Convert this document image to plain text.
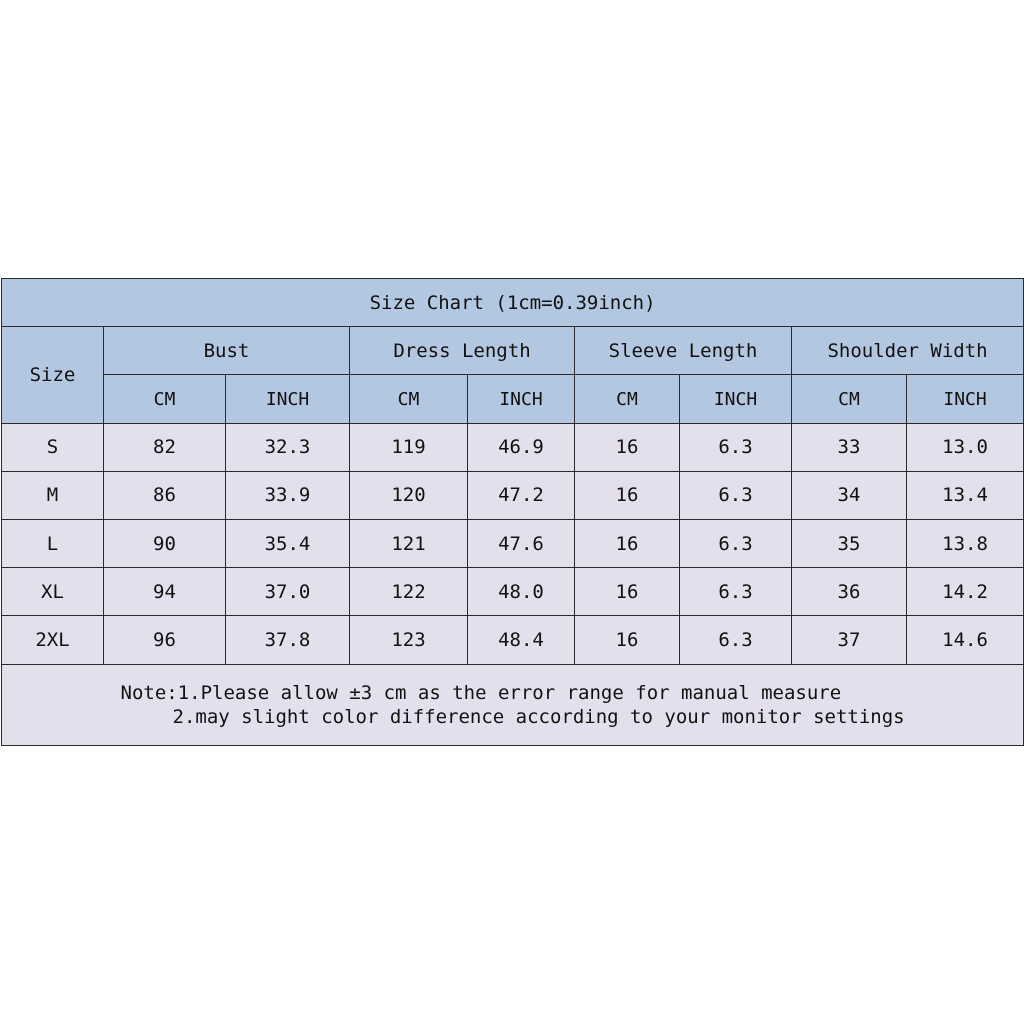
Size Chart (1cm=0.39inch)								
Size	Bust		Dress Length		Sleeve Length		Shoulder Width	
	CM	INCH	CM	INCH	CM	INCH	CM	INCH
S	82	32.3	119	46.9	16	6.3	33	13.0
M	86	33.9	120	47.2	16	6.3	34	13.4
L	90	35.4	121	47.6	16	6.3	35	13.8
XL	94	37.0	122	48.0	16	6.3	36	14.2
2XL	96	37.8	123	48.4	16	6.3	37	14.6

Note:1.Please allow ±3 cm as the error range for manual measure
2.may slight color difference according to your monitor settings								
